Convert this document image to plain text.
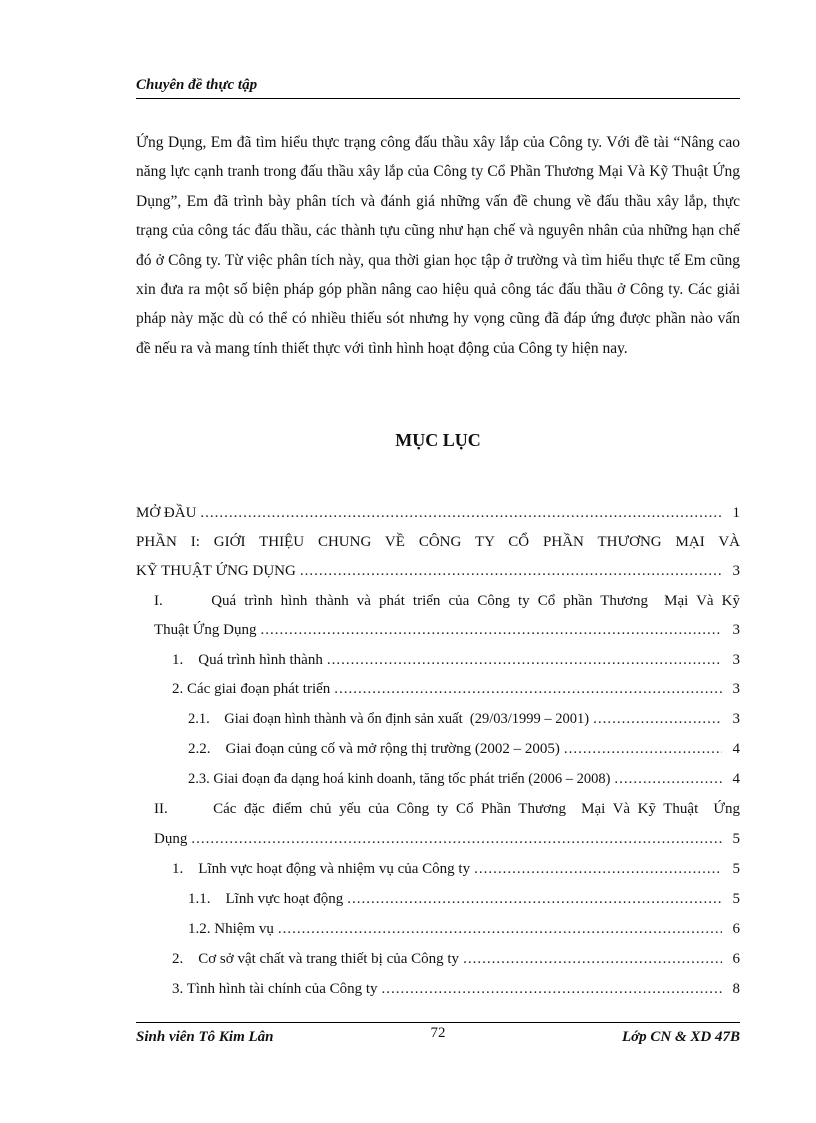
Chuyên đề thực tập

Ứng Dụng, Em đã tìm hiểu thực trạng công đấu thầu xây lắp của Công ty. Với đề tài “Nâng cao năng lực cạnh tranh trong đấu thầu xây lắp của Công ty Cổ Phần Thương Mại Và Kỹ Thuật Ứng Dụng”, Em đã trình bày phân tích và đánh giá những vấn đề chung về đấu thầu xây lắp, thực trạng của công tác đấu thầu, các thành tựu cũng như hạn chế và nguyên nhân của những hạn chế đó ở Công ty. Từ việc phân tích này, qua thời gian học tập ở trường và tìm hiểu thực tế Em cũng xin đưa ra một số biện pháp góp phần nâng cao hiệu quả công tác đấu thầu ở Công ty. Các giải pháp này mặc dù có thể có nhiều thiếu sót nhưng hy vọng cũng đã đáp ứng được phần nào vấn đề nếu ra và mang tính thiết thực với tình hình hoạt động của Công ty hiện nay.

MỤC LỤC
MỞ ĐẦU .....	1
PHẦN I: GIỚI THIỆU CHUNG VỀ CÔNG TY CỔ PHẦN THƯƠNG MẠI VÀ
KỸ THUẬT ỨNG DỤNG .....	3
I.      Quá trình hình thành và phát triển của Công ty Cổ phần Thương  Mại Và Kỹ
Thuật Ứng Dụng .....	3
1.    Quá trình hình thành .....	3
2. Các giai đoạn phát triển .....	3
2.1.    Giai đoạn hình thành và ổn định sản xuất  (29/03/1999 – 2001) .....	3
2.2.    Giai đoạn củng cố và mở rộng thị trường (2002 – 2005) .....	4
2.3. Giai đoạn đa dạng hoá kinh doanh, tăng tốc phát triển (2006 – 2008) .....	4
II.      Các đặc điểm chủ yếu của Công ty Cổ Phần Thương  Mại Và Kỹ Thuật  Ứng
Dụng .....	5
1.    Lĩnh vực hoạt động và nhiệm vụ của Công ty .....	5
1.1.    Lĩnh vực hoạt động .....	5
1.2. Nhiệm vụ .....	6
2.    Cơ sở vật chất và trang thiết bị của Công ty .....	6
3. Tình hình tài chính của Công ty .....	8
Sinh viên Tô Kim Lân	72	Lớp CN & XD 47B
